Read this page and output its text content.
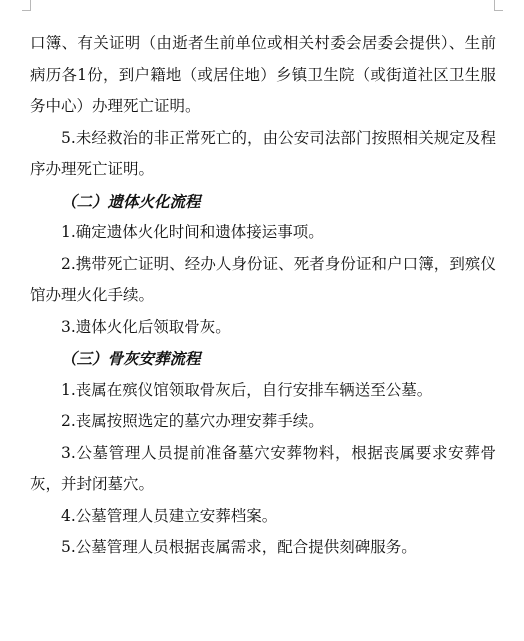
口簿、有关证明（由逝者生前单位或相关村委会居委会提供）、生前病历各1份，到户籍地（或居住地）乡镇卫生院（或街道社区卫生服务中心）办理死亡证明。

5.未经救治的非正常死亡的，由公安司法部门按照相关规定及程序办理死亡证明。

（二）遗体火化流程

1.确定遗体火化时间和遗体接运事项。

2.携带死亡证明、经办人身份证、死者身份证和户口簿，到殡仪馆办理火化手续。

3.遗体火化后领取骨灰。

（三）骨灰安葬流程

1.丧属在殡仪馆领取骨灰后，自行安排车辆送至公墓。

2.丧属按照选定的墓穴办理安葬手续。

3.公墓管理人员提前准备墓穴安葬物料，根据丧属要求安葬骨灰，并封闭墓穴。

4.公墓管理人员建立安葬档案。

5.公墓管理人员根据丧属需求，配合提供刻碑服务。
